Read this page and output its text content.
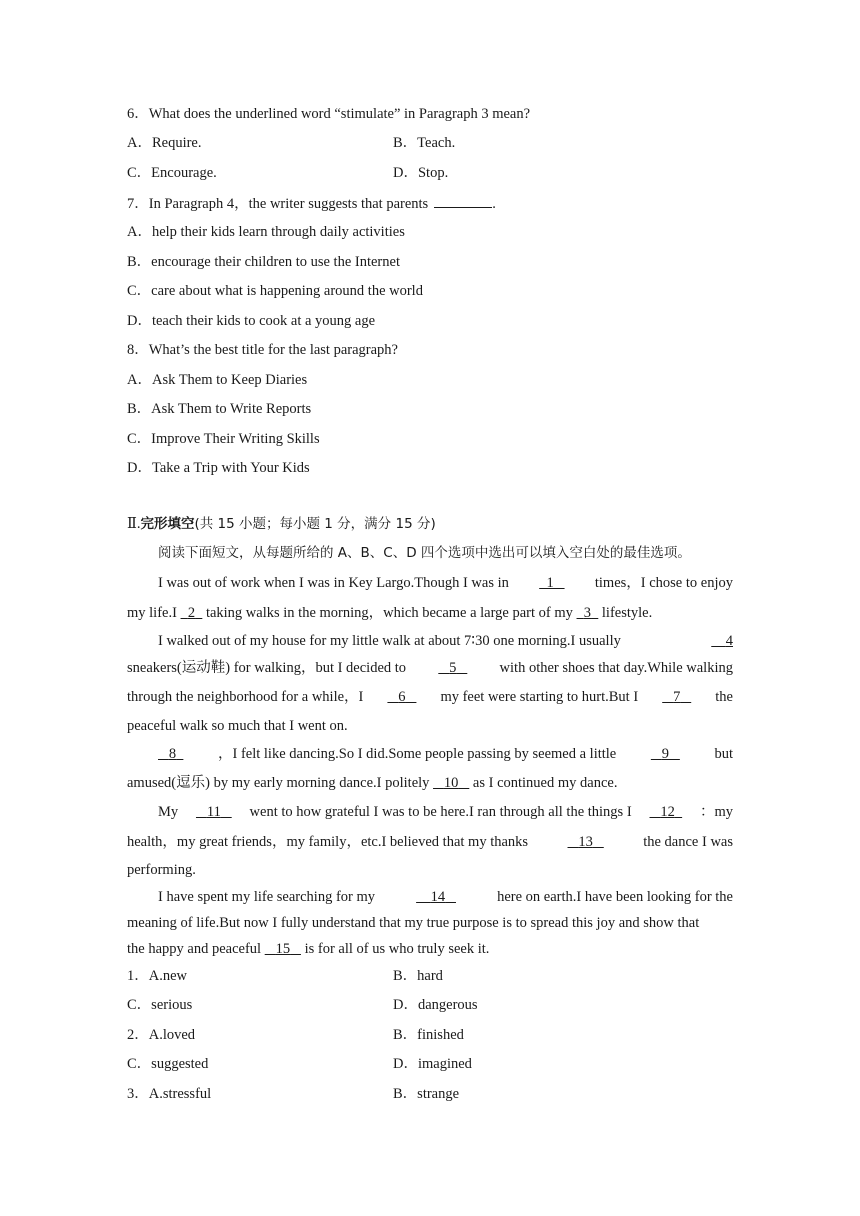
6．What does the underlined word “stimulate” in Paragraph 3 mean?
A．Require.	B．Teach.
C．Encourage.	D．Stop.
7．In Paragraph 4，the writer suggests that parents	.
A．help their kids learn through daily activities
B．encourage their children to use the Internet
C．care about what is happening around the world
D．teach their kids to cook at a young age
8．What’s the best title for the last paragraph?
A．Ask Them to Keep Diaries
B．Ask Them to Write Reports
C．Improve Their Writing Skills
D．Take a Trip with Your Kids
Ⅱ.完形填空(共 15 小题；每小题 1 分，满分 15 分)
阅读下面短文，从每题所给的 A、B、C、D 四个选项中选出可以填入空白处的最佳选项。
I was out of work when I was in Key Largo.Though I was in 1 times，I chose to enjoy
my life.I 2 taking walks in the morning，which became a large part of my 3 lifestyle.
I walked out of my house for my little walk at about 7∶30 one morning.I usually	4
sneakers(运动鞋) for walking，but I decided to	5	with other shoes that day.While walking
through the neighborhood for a while，I	6	my feet were starting to hurt.But I	7	the
peaceful walk so much that I went on.
8	，I felt like dancing.So I did.Some people passing by seemed a little	9	but
amused(逗乐) by my early morning dance.I politely 10 as I continued my dance.
My	11	went to how grateful I was to be here.I ran through all the things I	12	：my
health，my great friends，my family，etc.I believed that my thanks	13	the dance I was
performing.
I have spent my life searching for my	14	here on earth.I have been looking for the
meaning of life.But now I fully understand that my true purpose is to spread this joy and show that
the happy and peaceful 15 is for all of us who truly seek it.
1．A.new	B．hard
C．serious	D．dangerous
2．A.loved	B．finished
C．suggested	D．imagined
3．A.stressful	B．strange
